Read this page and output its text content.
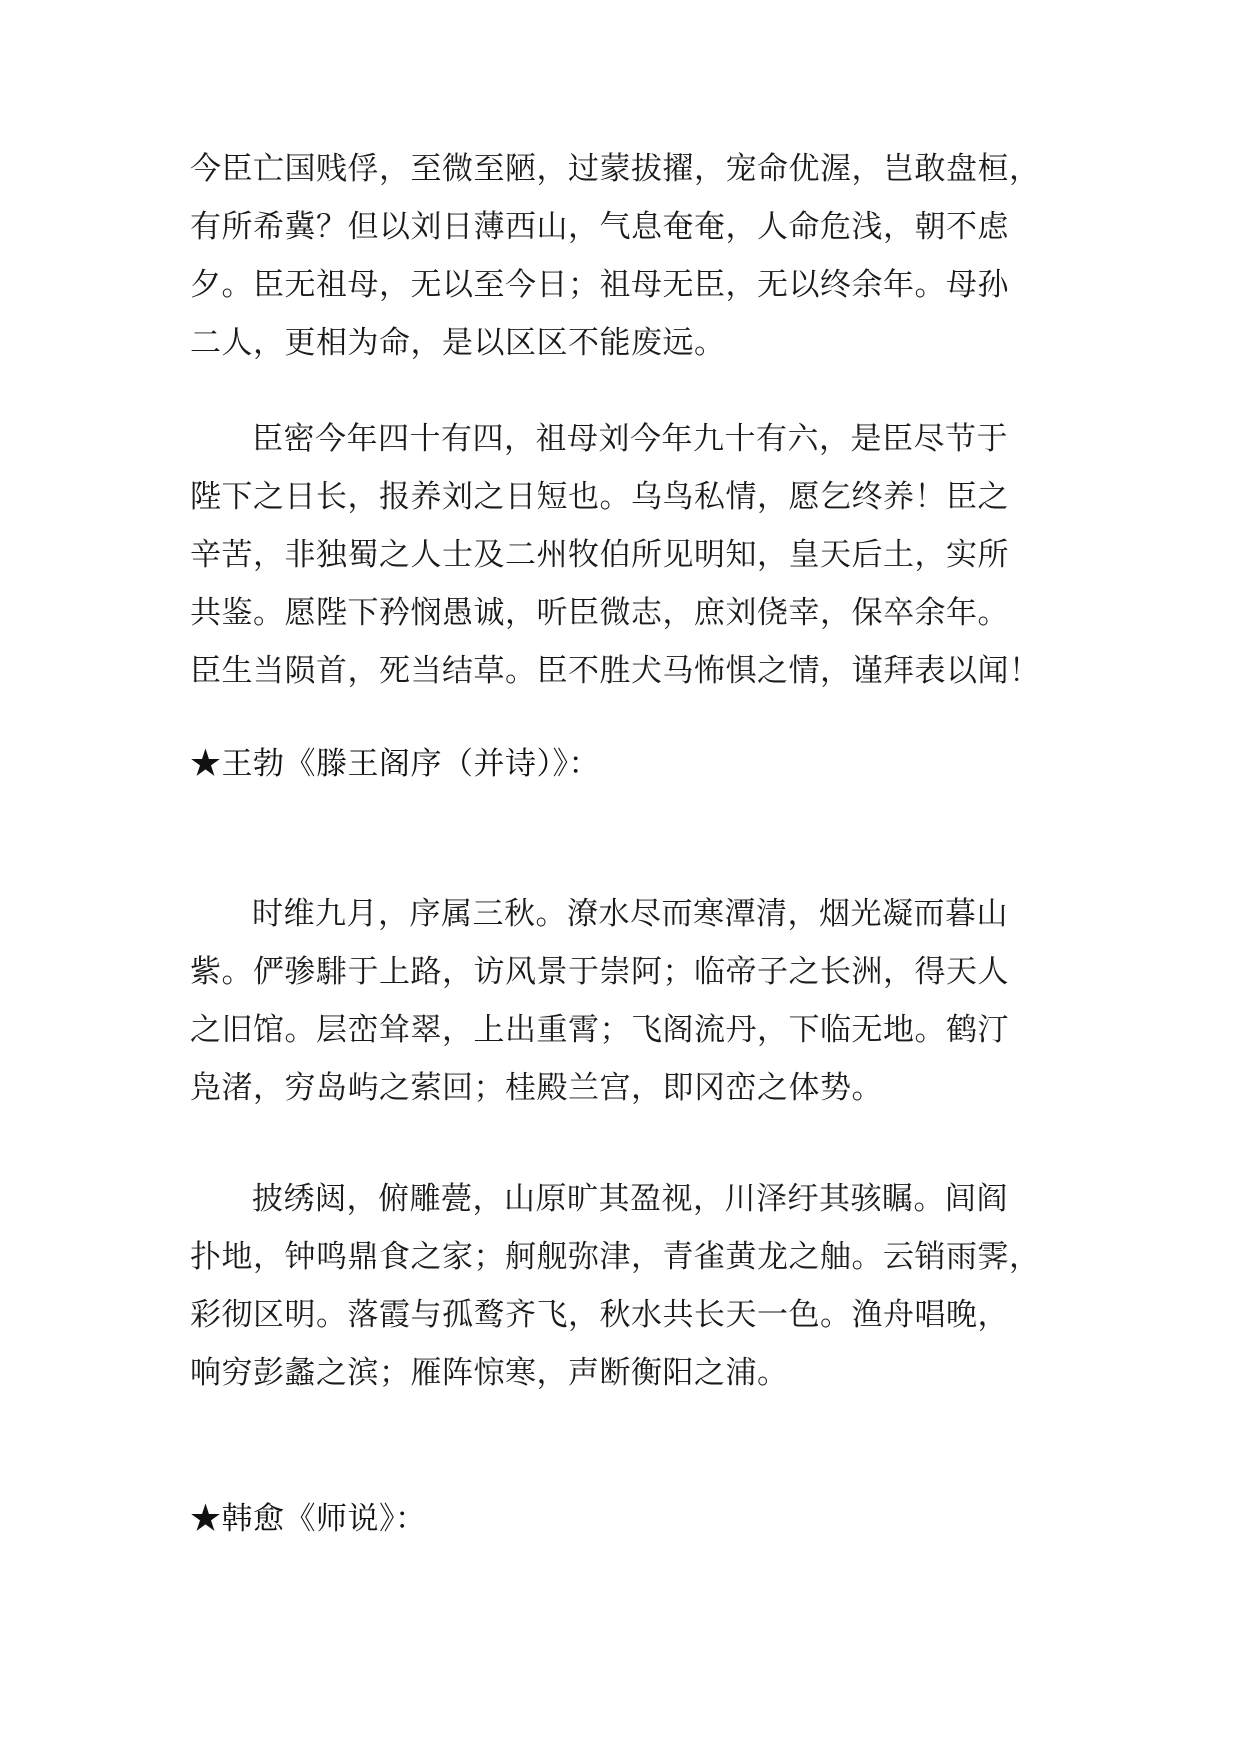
今臣亡国贱俘，至微至陋，过蒙拔擢，宠命优渥，岂敢盘桓，
有所希冀？但以刘日薄西山，气息奄奄，人命危浅，朝不虑
夕。臣无祖母，无以至今日；祖母无臣，无以终余年。母孙
二人，更相为命，是以区区不能废远。

臣密今年四十有四，祖母刘今年九十有六，是臣尽节于
陛下之日长，报养刘之日短也。乌鸟私情，愿乞终养！臣之
辛苦，非独蜀之人士及二州牧伯所见明知，皇天后土，实所
共鉴。愿陛下矜悯愚诚，听臣微志，庶刘侥幸，保卒余年。
臣生当陨首，死当结草。臣不胜犬马怖惧之情，谨拜表以闻！

★王勃《滕王阁序（并诗）》：

时维九月，序属三秋。潦水尽而寒潭清，烟光凝而暮山
紫。俨骖騑于上路，访风景于崇阿；临帝子之长洲，得天人
之旧馆。层峦耸翠，上出重霄；飞阁流丹，下临无地。鹤汀
凫渚，穷岛屿之萦回；桂殿兰宫，即冈峦之体势。

披绣闼，俯雕甍，山原旷其盈视，川泽纡其骇瞩。闾阎
扑地，钟鸣鼎食之家；舸舰弥津，青雀黄龙之舳。云销雨霁，
彩彻区明。落霞与孤鹜齐飞，秋水共长天一色。渔舟唱晚，
响穷彭蠡之滨；雁阵惊寒，声断衡阳之浦。

★韩愈《师说》：
